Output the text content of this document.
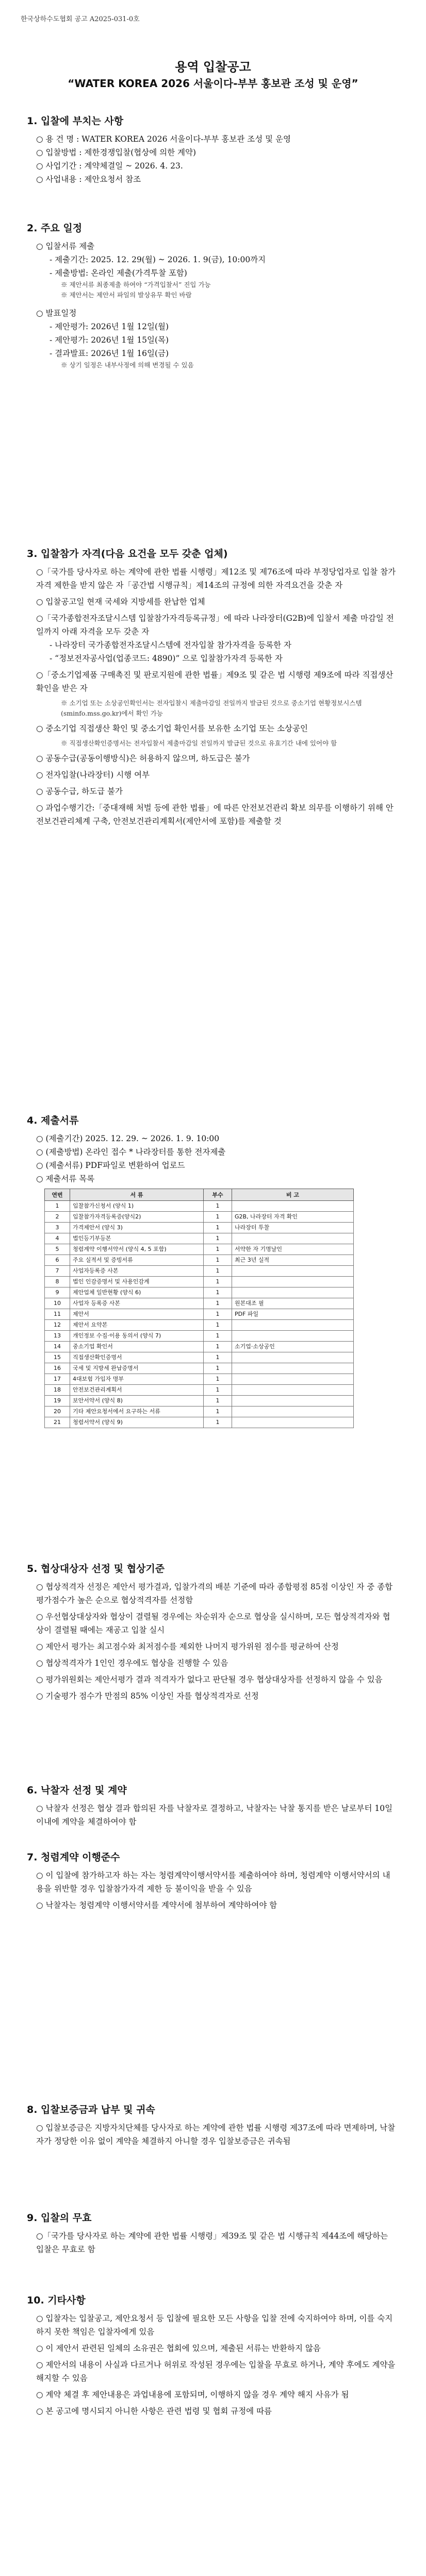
한국상하수도협회 공고 A2025-031-0호
용역 입찰공고
“WATER KOREA 2026 서울이다-부부 홍보관 조성 및 운영”
1. 입찰에 부치는 사항
○ 용 건 명 : WATER KOREA 2026 서울이다-부부 홍보관 조성 및 운영
○ 입찰방법 : 제한경쟁입찰(협상에 의한 계약)
○ 사업기간 : 계약체결일 ~ 2026. 4. 23.
○ 사업내용 : 제안요청서 참조
2. 주요 일정
○ 입찰서류 제출
- 제출기간: 2025. 12. 29(월) ~ 2026. 1. 9(금), 10:00까지
- 제출방법: 온라인 제출(가격투찰 포함)
※ 제안서류 최종제출 하여야 “가격입찰서” 진입 가능
※ 제안서는 제안서 파일의 발상유무 확인 바람
○ 발표일정
- 제안평가: 2026년 1월 12일(월)
- 제안평가: 2026년 1월 15일(목)
- 결과발표: 2026년 1월 16일(금)
※ 상기 일정은 내부사정에 의해 변경될 수 있음
3. 입찰참가 자격(다음 요건을 모두 갖춘 업체)
○「국가를 당사자로 하는 계약에 관한 법률 시행령」제12조 및 제76조에 따라 부정당업자로 입찰 참가 자격 제한을 받지 않은 자「공간법 시행규칙」제14조의 규정에 의한 자격요건을 갖춘 자
○ 입찰공고일 현재 국세와 지방세를 완납한 업체
○「국가종합전자조달시스템 입찰참가자격등록규정」에 따라 나라장터(G2B)에 입찰서 제출 마감일 전일까지 아래 자격을 모두 갖춘 자
- 나라장터 국가종합전자조달시스템에 전자입찰 참가자격을 등록한 자
- “정보전자공사업(업종코드: 4890)” 으로 입찰참가자격 등록한 자
○「중소기업제품 구매촉진 및 판로지원에 관한 법률」제9조 및 같은 법 시행령 제9조에 따라 직접생산 확인을 받은 자
※ 소기업 또는 소상공인확인서는 전자입찰시 제출마감일 전일까지 발급된 것으로 중소기업 현황정보시스템(sminfo.mss.go.kr)에서 확인 가능
○ 중소기업 직접생산 확인 및 중소기업 확인서를 보유한 소기업 또는 소상공인
※ 직접생산확인증명서는 전자입찰서 제출마감일 전일까지 발급된 것으로 유효기간 내에 있어야 함
○ 공동수급(공동이행방식)은 허용하지 않으며, 하도급은 불가
○ 전자입찰(나라장터) 시행 여부
○ 공동수급, 하도급 불가
○ 과업수행기간:「중대재해 처벌 등에 관한 법률」에 따른 안전보건관리 확보 의무를 이행하기 위해 안전보건관리체계 구축, 안전보건관리계획서(제안서에 포함)를 제출할 것
4. 제출서류
○ (제출기간) 2025. 12. 29. ~ 2026. 1. 9. 10:00
○ (제출방법) 온라인 접수 * 나라장터를 통한 전자제출
○ (제출서류) PDF파일로 변환하여 업로드
○ 제출서류 목록
연번	서 류	부수	비 고
1	입찰참가신청서 (양식 1)	1	
2	입찰참가자격등록증(양식2)	1	G2B, 나라장터 자격 확인
3	가격제안서 (양식 3)	1	나라장터 투찰
4	법인등기부등본	1	
5	청렴계약 이행서약서 (양식 4, 5 포함)	1	서약한 자 기명날인
6	주요 실적서 및 증빙서류	1	최근 3년 실적
7	사업자등록증 사본	1	
8	법인 인감증명서 및 사용인감계	1	
9	제안업체 일반현황 (양식 6)	1	
10	사업자 등록증 사본	1	원본대조 필
11	제안서	1	PDF 파일
12	제안서 요약본	1	
13	개인정보 수집·이용 동의서 (양식 7)	1	
14	중소기업 확인서	1	소기업·소상공인
15	직접생산확인증명서	1	
16	국세 및 지방세 완납증명서	1	
17	4대보험 가입자 명부	1	
18	안전보건관리계획서	1	
19	보안서약서 (양식 8)	1	
20	기타 제안요청서에서 요구하는 서류	1	
21	청렴서약서 (양식 9)	1	
5. 협상대상자 선정 및 협상기준
○ 협상적격자 선정은 제안서 평가결과, 입찰가격의 배분 기준에 따라 종합평점 85점 이상인 자 중 종합평가점수가 높은 순으로 협상적격자를 선정함
○ 우선협상대상자와 협상이 결렬될 경우에는 차순위자 순으로 협상을 실시하며, 모든 협상적격자와 협상이 결렬될 때에는 재공고 입찰 실시
○ 제안서 평가는 최고점수와 최저점수를 제외한 나머지 평가위원 점수를 평균하여 산정
○ 협상적격자가 1인인 경우에도 협상을 진행할 수 있음
○ 평가위원회는 제안서평가 결과 적격자가 없다고 판단될 경우 협상대상자를 선정하지 않을 수 있음
○ 기술평가 점수가 만점의 85% 이상인 자를 협상적격자로 선정
6. 낙찰자 선정 및 계약
○ 낙찰자 선정은 협상 결과 합의된 자를 낙찰자로 결정하고, 낙찰자는 낙찰 통지를 받은 날로부터 10일 이내에 계약을 체결하여야 함
7. 청렴계약 이행준수
○ 이 입찰에 참가하고자 하는 자는 청렴계약이행서약서를 제출하여야 하며, 청렴계약 이행서약서의 내용을 위반할 경우 입찰참가자격 제한 등 불이익을 받을 수 있음
○ 낙찰자는 청렴계약 이행서약서를 계약서에 첨부하여 계약하여야 함
8. 입찰보증금과 납부 및 귀속
○ 입찰보증금은 지방자치단체를 당사자로 하는 계약에 관한 법률 시행령 제37조에 따라 면제하며, 낙찰자가 정당한 이유 없이 계약을 체결하지 아니할 경우 입찰보증금은 귀속됨
9. 입찰의 무효
○「국가를 당사자로 하는 계약에 관한 법률 시행령」제39조 및 같은 법 시행규칙 제44조에 해당하는 입찰은 무효로 함
10. 기타사항
○ 입찰자는 입찰공고, 제안요청서 등 입찰에 필요한 모든 사항을 입찰 전에 숙지하여야 하며, 이를 숙지하지 못한 책임은 입찰자에게 있음
○ 이 제안서 관련된 일체의 소유권은 협회에 있으며, 제출된 서류는 반환하지 않음
○ 제안서의 내용이 사실과 다르거나 허위로 작성된 경우에는 입찰을 무효로 하거나, 계약 후에도 계약을 해지할 수 있음
○ 계약 체결 후 제안내용은 과업내용에 포함되며, 이행하지 않을 경우 계약 해지 사유가 됨
○ 본 공고에 명시되지 아니한 사항은 관련 법령 및 협회 규정에 따름
